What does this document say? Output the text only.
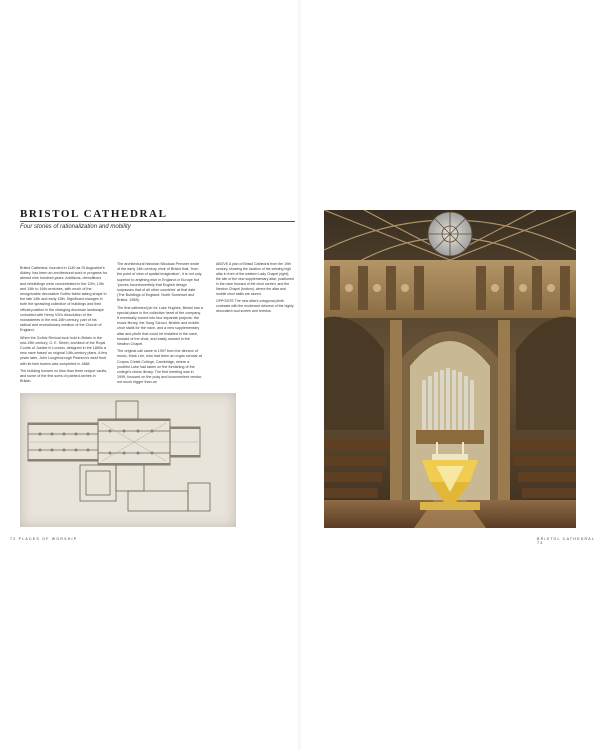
BRISTOL CATHEDRAL
Four stories of rationalization and mobility

Bristol Cathedral, founded in 1140 as St Augustine's Abbey, has been an architectural work in progress for almost nine hundred years. Additions, demolitions and rebuildings were concentrated in the 12th, 13th and 14th to 16th centuries, with much of the recognizable decorative Gothic fabric taking shape in the late 14th and early 15th. Significant changes in both the sprawling collection of buildings and their official position in the changing diocesan landscape coincided with Henry VIII's dissolution of the monasteries in the mid-16th century, part of his radical and revolutionary creation of the Church of England.

When the Gothic Revival took hold in Britain in the mid-19th century, G. E. Street, architect of the Royal Courts of Justice in London, designed in the 1860s a new nave based on original 14th-century plans. A few years later, John Loughborough Pearson's west front with its twin towers was completed in 1888.

The building houses no less than three unique vaults, and some of the first sorts of pointed arches in Britain.

The architectural historian Nikolaus Pevsner wrote of the early 14th-century choir of Bristol that, 'from the point of view of spatial imagination', it is not only superior to anything else in England or Europe but 'proves incontrovertibly that English design surpasses that of all other countries' at that date (The Buildings of England: North Somerset and Bristol, 1958).

The first cathedral job for Luke Hughes, Bristol has a special place in the collective heart of the company. It eventually turned into four separate projects: the music library, the Song School, flexible and mobile choir stalls for the nave, and a new supplementary altar and plinth that could be installed in the nave, forward of the choir, and easily stowed in the Newton Chapel.

The original call came in 1997 from the director of music, Mark Lee, who had been an organ scholar at Corpus Christi College, Cambridge, where a youthful Luke had taken on the furnishing of the college's chess library. The first meeting was in 1999, focused on the poky and inconvenient vendor, not much bigger than an

ABOVE A plan of Bristol Cathedral from the 19th century, showing the location of the existing high altar in front of the western Lady Chapel (right); the site of the new supplementary altar, positioned in the nave forward of the choir screen; and the Newton Chapel (bottom), where the altar and mobile choir stalls are stored.

OPPOSITE The new altar's octagonal plinth contrasts with the exuberant richness of the highly decorated rood screen and reredos.

72 PLACES OF WORSHIP	BRISTOL CATHEDRAL 73
